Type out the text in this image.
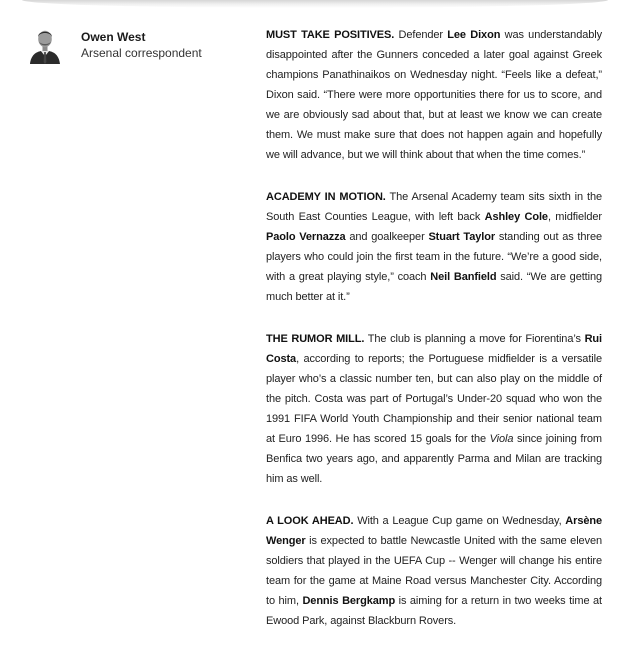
Owen West
Arsenal correspondent

MUST TAKE POSITIVES. Defender Lee Dixon was understandably disappointed after the Gunners conceded a later goal against Greek champions Panathinaikos on Wednesday night. “Feels like a defeat,” Dixon said. “There were more opportunities there for us to score, and we are obviously sad about that, but at least we know we can create them. We must make sure that does not happen again and hopefully we will advance, but we will think about that when the time comes.”

ACADEMY IN MOTION. The Arsenal Academy team sits sixth in the South East Counties League, with left back Ashley Cole, midfielder Paolo Vernazza and goalkeeper Stuart Taylor standing out as three players who could join the first team in the future. “We’re a good side, with a great playing style,” coach Neil Banfield said. “We are getting much better at it.”

THE RUMOR MILL. The club is planning a move for Fiorentina’s Rui Costa, according to reports; the Portuguese midfielder is a versatile player who’s a classic number ten, but can also play on the middle of the pitch. Costa was part of Portugal’s Under-20 squad who won the 1991 FIFA World Youth Championship and their senior national team at Euro 1996. He has scored 15 goals for the Viola since joining from Benfica two years ago, and apparently Parma and Milan are tracking him as well.

A LOOK AHEAD. With a League Cup game on Wednesday, Arsène Wenger is expected to battle Newcastle United with the same eleven soldiers that played in the UEFA Cup -- Wenger will change his entire team for the game at Maine Road versus Manchester City. According to him, Dennis Bergkamp is aiming for a return in two weeks time at Ewood Park, against Blackburn Rovers.
